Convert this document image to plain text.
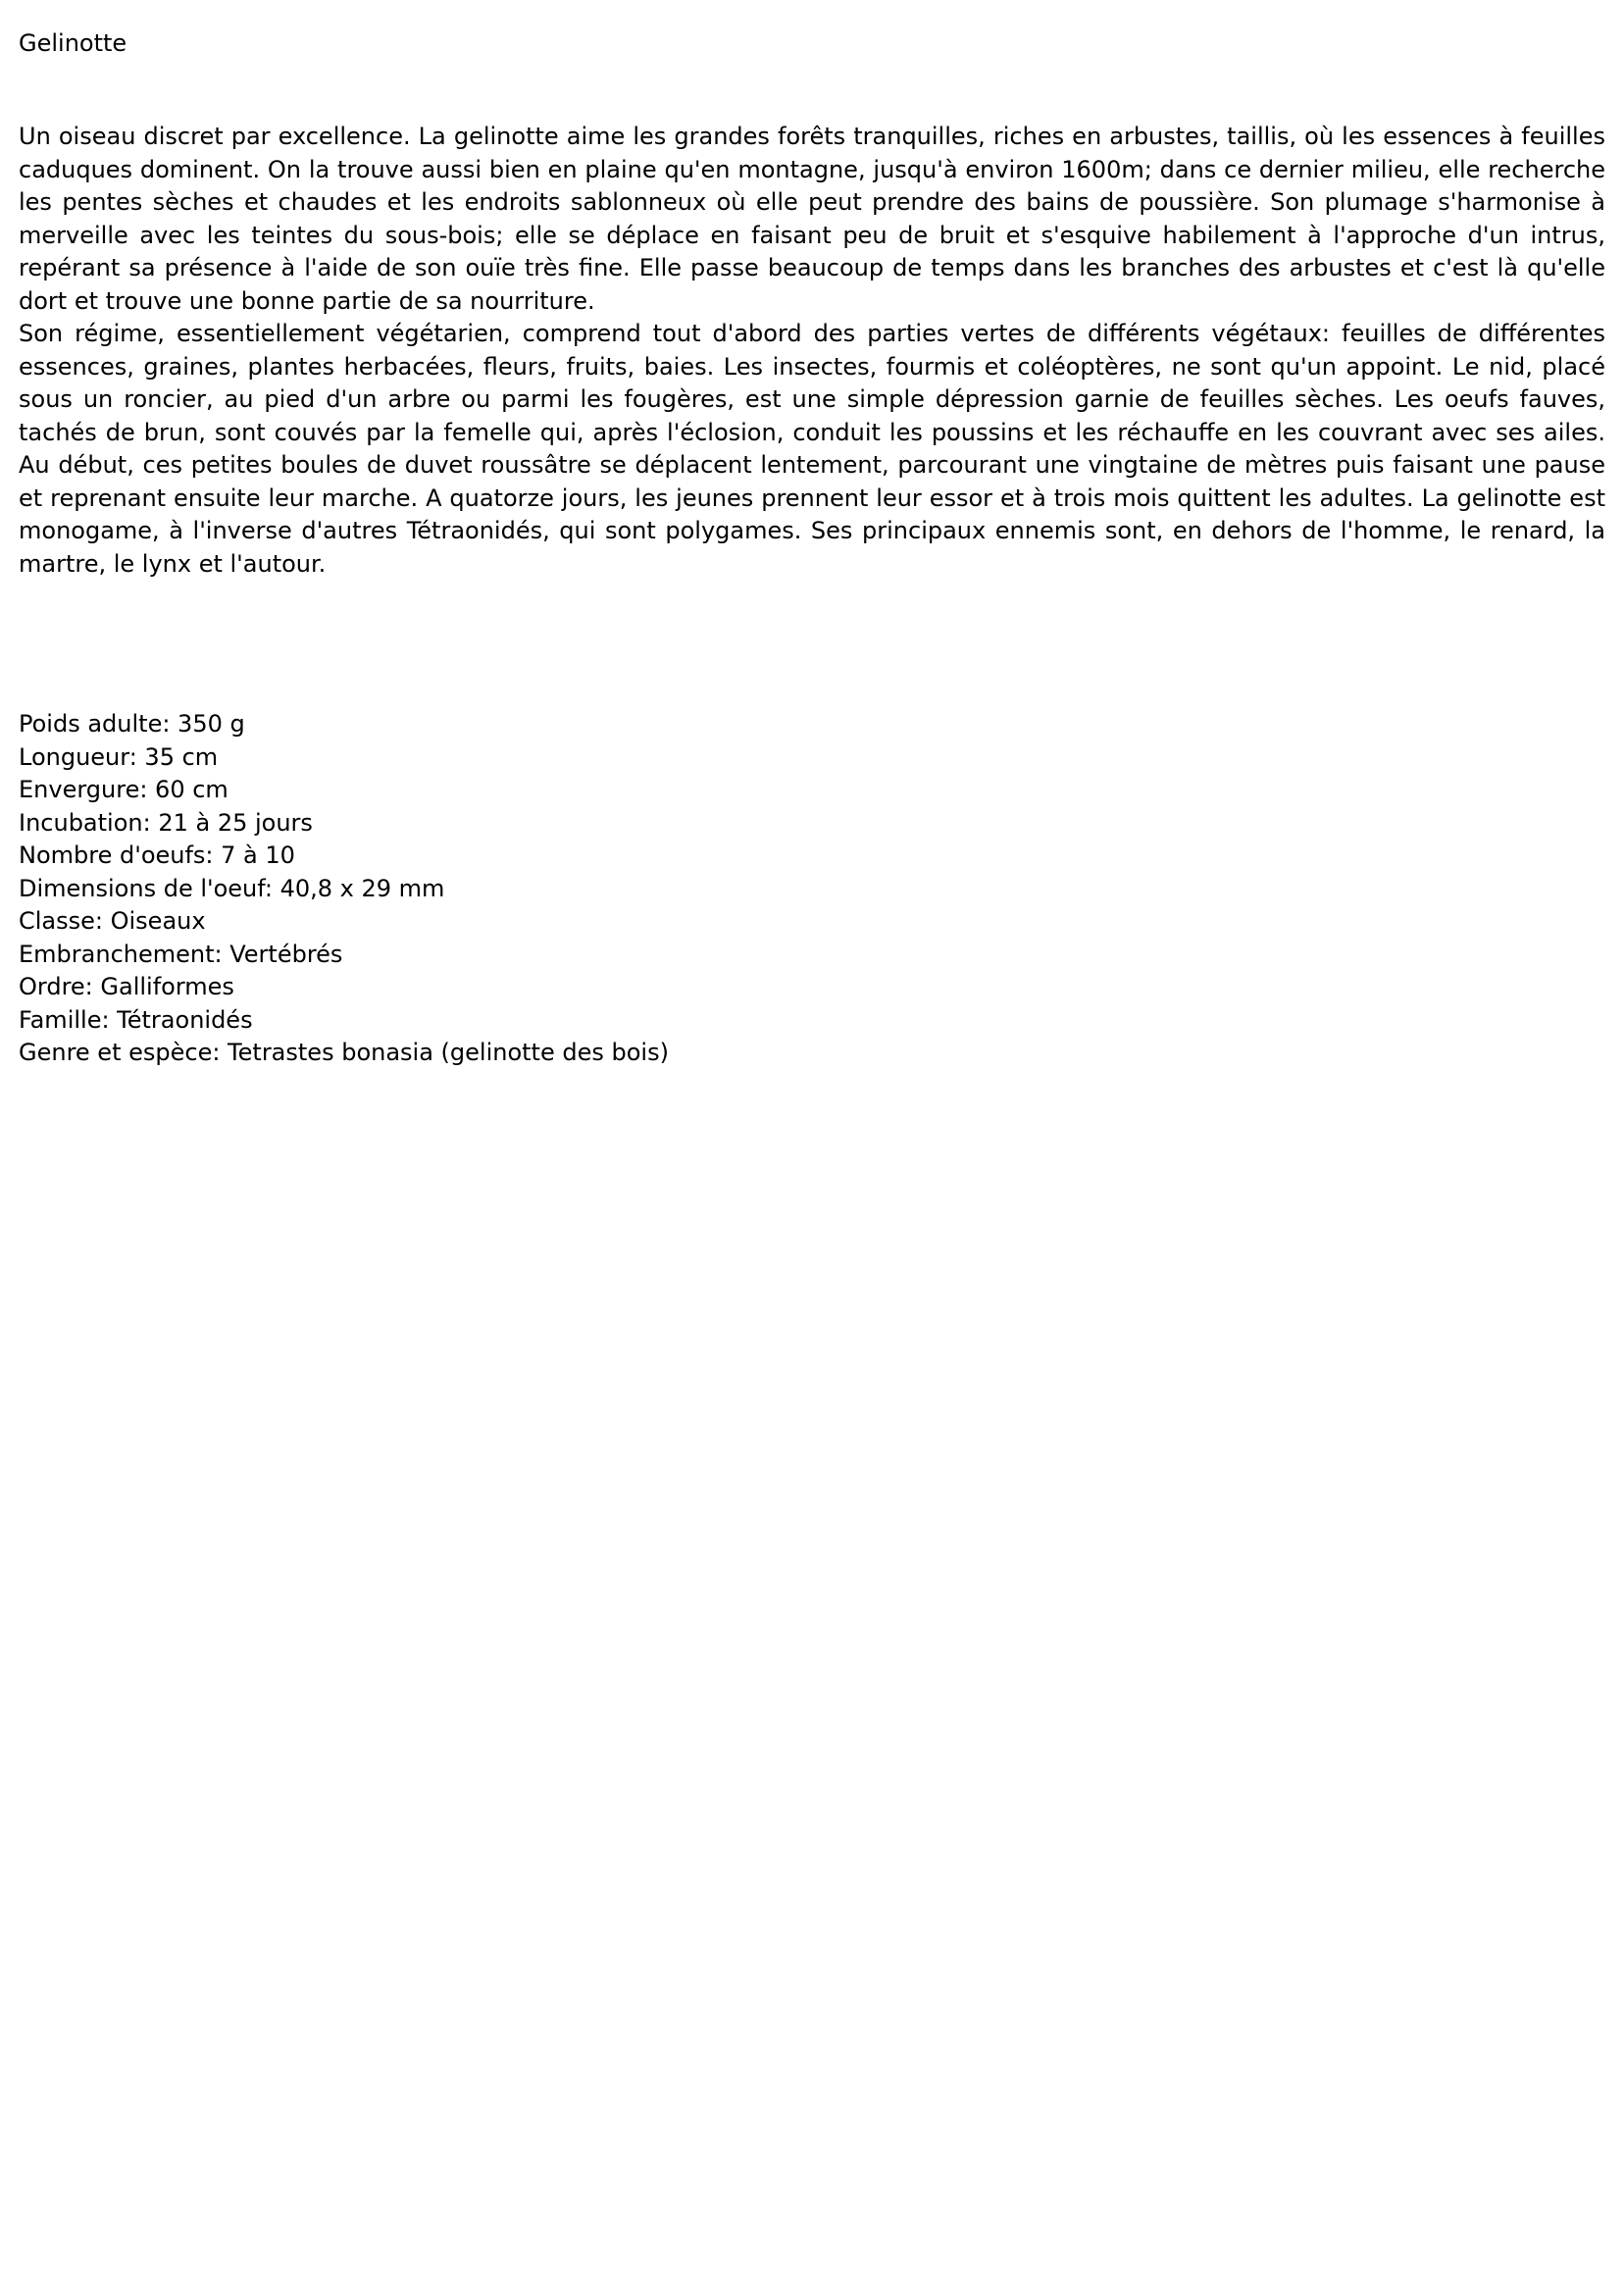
Gelinotte

Un oiseau discret par excellence. La gelinotte aime les grandes forêts tranquilles, riches en arbustes, taillis, où les essences à feuilles caduques dominent. On la trouve aussi bien en plaine qu'en montagne, jusqu'à environ 1600m; dans ce dernier milieu, elle recherche les pentes sèches et chaudes et les endroits sablonneux où elle peut prendre des bains de poussière. Son plumage s'harmonise à merveille avec les teintes du sous-bois; elle se déplace en faisant peu de bruit et s'esquive habilement à l'approche d'un intrus, repérant sa présence à l'aide de son ouïe très fine. Elle passe beaucoup de temps dans les branches des arbustes et c'est là qu'elle dort et trouve une bonne partie de sa nourriture.

Son régime, essentiellement végétarien, comprend tout d'abord des parties vertes de différents végétaux: feuilles de différentes essences, graines, plantes herbacées, fleurs, fruits, baies. Les insectes, fourmis et coléoptères, ne sont qu'un appoint. Le nid, placé sous un roncier, au pied d'un arbre ou parmi les fougères, est une simple dépression garnie de feuilles sèches. Les oeufs fauves, tachés de brun, sont couvés par la femelle qui, après l'éclosion, conduit les poussins et les réchauffe en les couvrant avec ses ailes. Au début, ces petites boules de duvet roussâtre se déplacent lentement, parcourant une vingtaine de mètres puis faisant une pause et reprenant ensuite leur marche. A quatorze jours, les jeunes prennent leur essor et à trois mois quittent les adultes. La gelinotte est monogame, à l'inverse d'autres Tétraonidés, qui sont polygames. Ses principaux ennemis sont, en dehors de l'homme, le renard, la martre, le lynx et l'autour.

Poids adulte: 350 g
Longueur: 35 cm
Envergure: 60 cm
Incubation: 21 à 25 jours
Nombre d'oeufs: 7 à 10
Dimensions de l'oeuf: 40,8 x 29 mm
Classe: Oiseaux
Embranchement: Vertébrés
Ordre: Galliformes
Famille: Tétraonidés
Genre et espèce: Tetrastes bonasia (gelinotte des bois)
